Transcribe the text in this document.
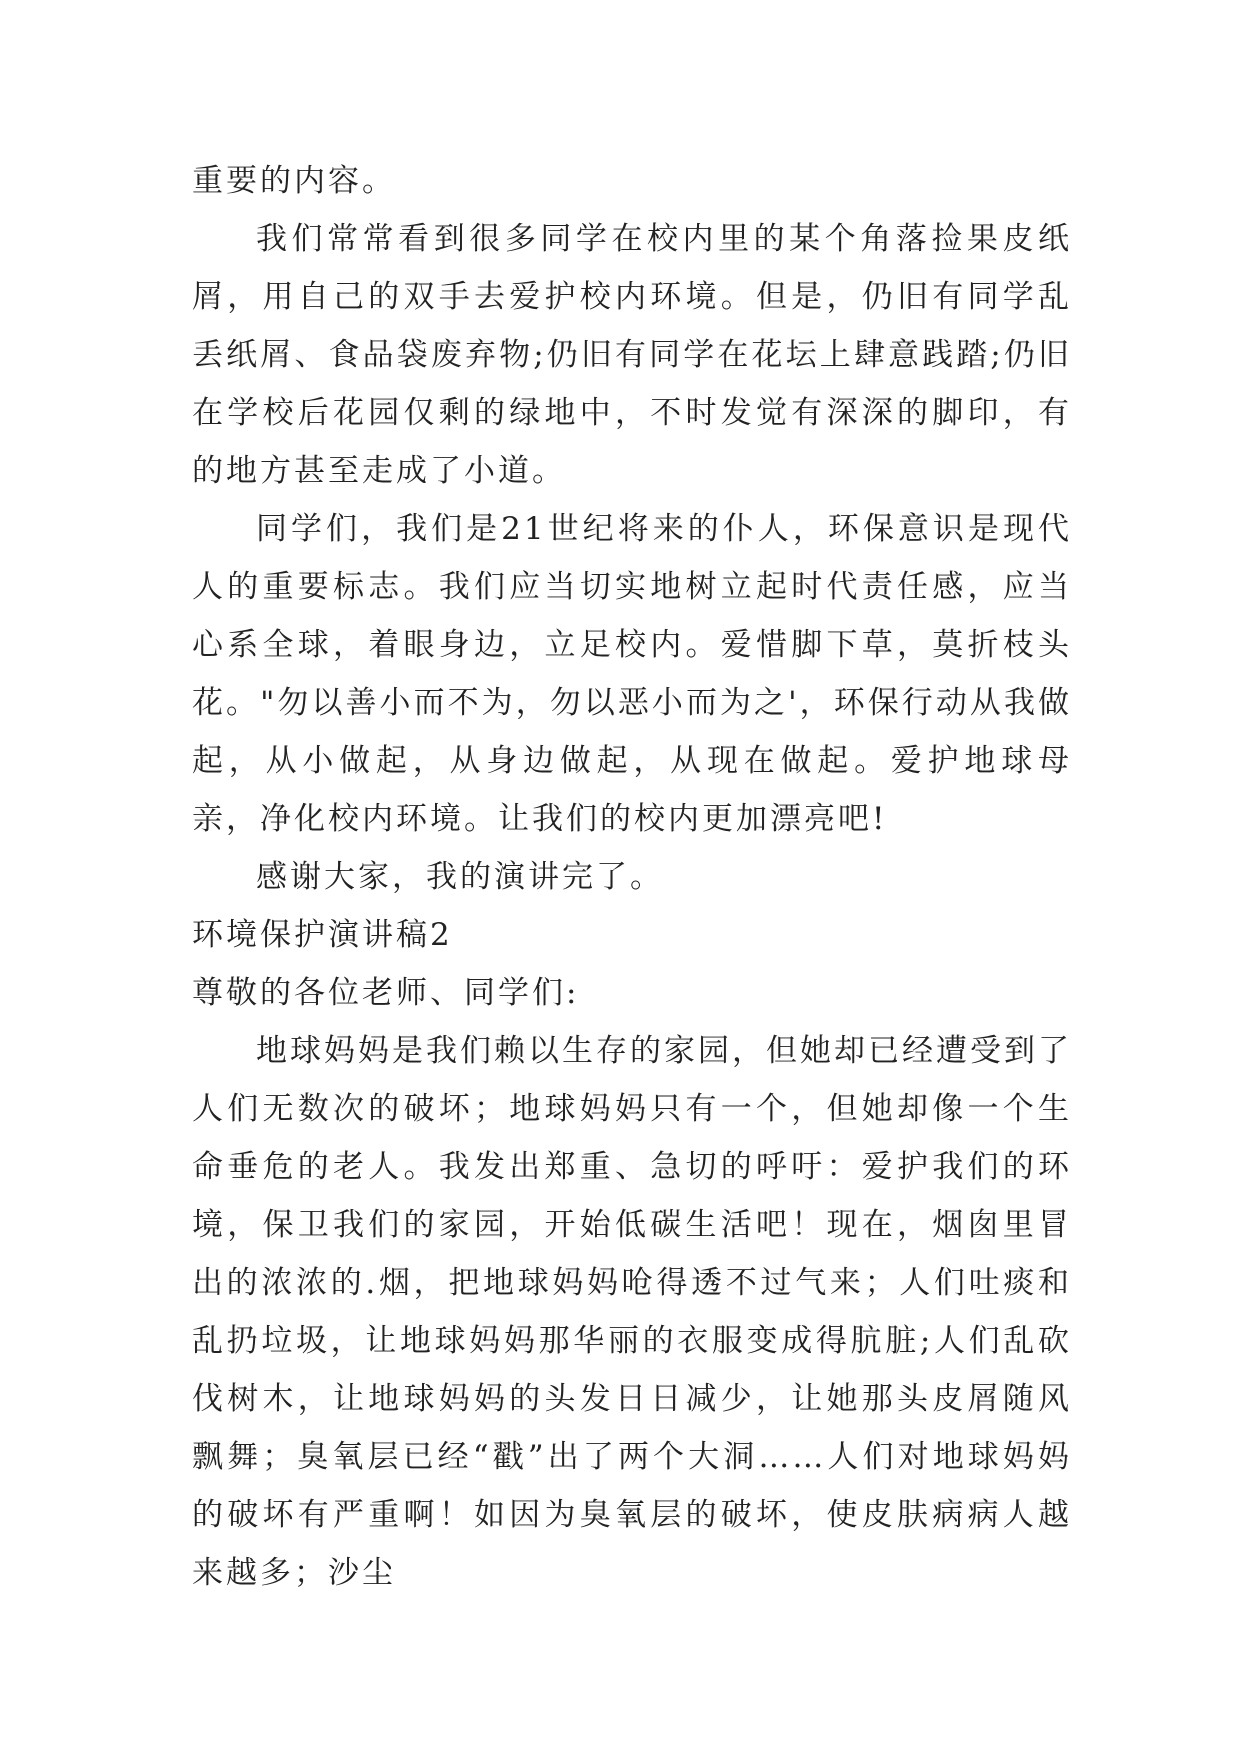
重要的内容。

我们常常看到很多同学在校内里的某个角落捡果皮纸屑，用自己的双手去爱护校内环境。但是，仍旧有同学乱丢纸屑、食品袋废弃物;仍旧有同学在花坛上肆意践踏;仍旧在学校后花园仅剩的绿地中，不时发觉有深深的脚印，有的地方甚至走成了小道。

同学们，我们是21世纪将来的仆人，环保意识是现代人的重要标志。我们应当切实地树立起时代责任感，应当心系全球，着眼身边，立足校内。爱惜脚下草，莫折枝头花。"勿以善小而不为，勿以恶小而为之'，环保行动从我做起，从小做起，从身边做起，从现在做起。爱护地球母亲，净化校内环境。让我们的校内更加漂亮吧!

感谢大家，我的演讲完了。

环境保护演讲稿2

尊敬的各位老师、同学们:

地球妈妈是我们赖以生存的家园，但她却已经遭受到了人们无数次的破坏；地球妈妈只有一个，但她却像一个生命垂危的老人。我发出郑重、急切的呼吁：爱护我们的环境，保卫我们的家园，开始低碳生活吧！现在，烟囱里冒出的浓浓的.烟，把地球妈妈呛得透不过气来；人们吐痰和乱扔垃圾，让地球妈妈那华丽的衣服变成得肮脏;人们乱砍伐树木，让地球妈妈的头发日日减少，让她那头皮屑随风飘舞；臭氧层已经“戳”出了两个大洞……人们对地球妈妈的破坏有严重啊！如因为臭氧层的破坏，使皮肤病病人越来越多；沙尘
